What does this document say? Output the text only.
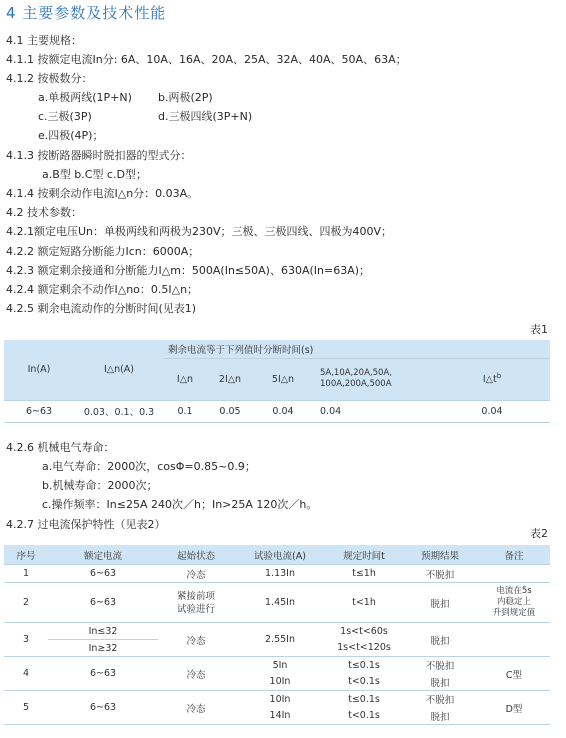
4 主要参数及技术性能
4.1 主要规格：
4.1.1 按额定电流In分: 6A、10A、16A、20A、25A、32A、40A、50A、63A；
4.1.2 按极数分：
a.单极两线(1P+N) b.两极(2P)
c.三极(3P)	d.三极四线(3P+N)
e.四极(4P)；
4.1.3 按断路器瞬时脱扣器的型式分：
a.B型 b.C型 c.D型；
4.1.4 按剩余动作电流I△n分：0.03A。
4.2 技术参数：
4.2.1额定电压Un：单极两线和两极为230V；三极、三极四线、四极为400V；
4.2.2 额定短路分断能力Icn：6000A；
4.2.3 额定剩余接通和分断能力I△m：500A(In≤50A)、630A(In=63A)；
4.2.4 额定剩余不动作I△no：0.5I△n；
4.2.5 剩余电流动作的分断时间(见表1)
表1
In(A)	I△n(A)	剩余电流等于下列值时分断时间(s)				
		I△n	2I△n	5I△n	5A,10A,20A,50A,
100A,200A,500A	$I\triangle t^b$
6~63	0.03、0.1、0.3	0.1	0.05	0.04	0.04	0.04
4.2.6 机械电气寿命：
a.电气寿命：2000次，cosΦ=0.85~0.9；
b.机械寿命：2000次；
c.操作频率：In≤25A 240次／h；In>25A 120次／h。
4.2.7 过电流保护特性（见表2）
表2
序号	额定电流	起始状态	试验电流(A)	规定时间t	预期结果	备注
1	6~63	冷态	1.13In	t≤1h	不脱扣	
2	6~63	紧接前项
试验进行	1.45In	t<1h	脱扣	电流在5s
内稳定上
升到规定值
3	In≤32	冷态	2.55In	1s<t<60s	脱扣	
	In≥32			1s<t<120s		
4	6~63	冷态	5In	t≤0.1s	不脱扣	C型
			10In	t<0.1s	脱扣	
5	6~63	冷态	10In	t≤0.1s	不脱扣	D型
			14In	t<0.1s	脱扣	
